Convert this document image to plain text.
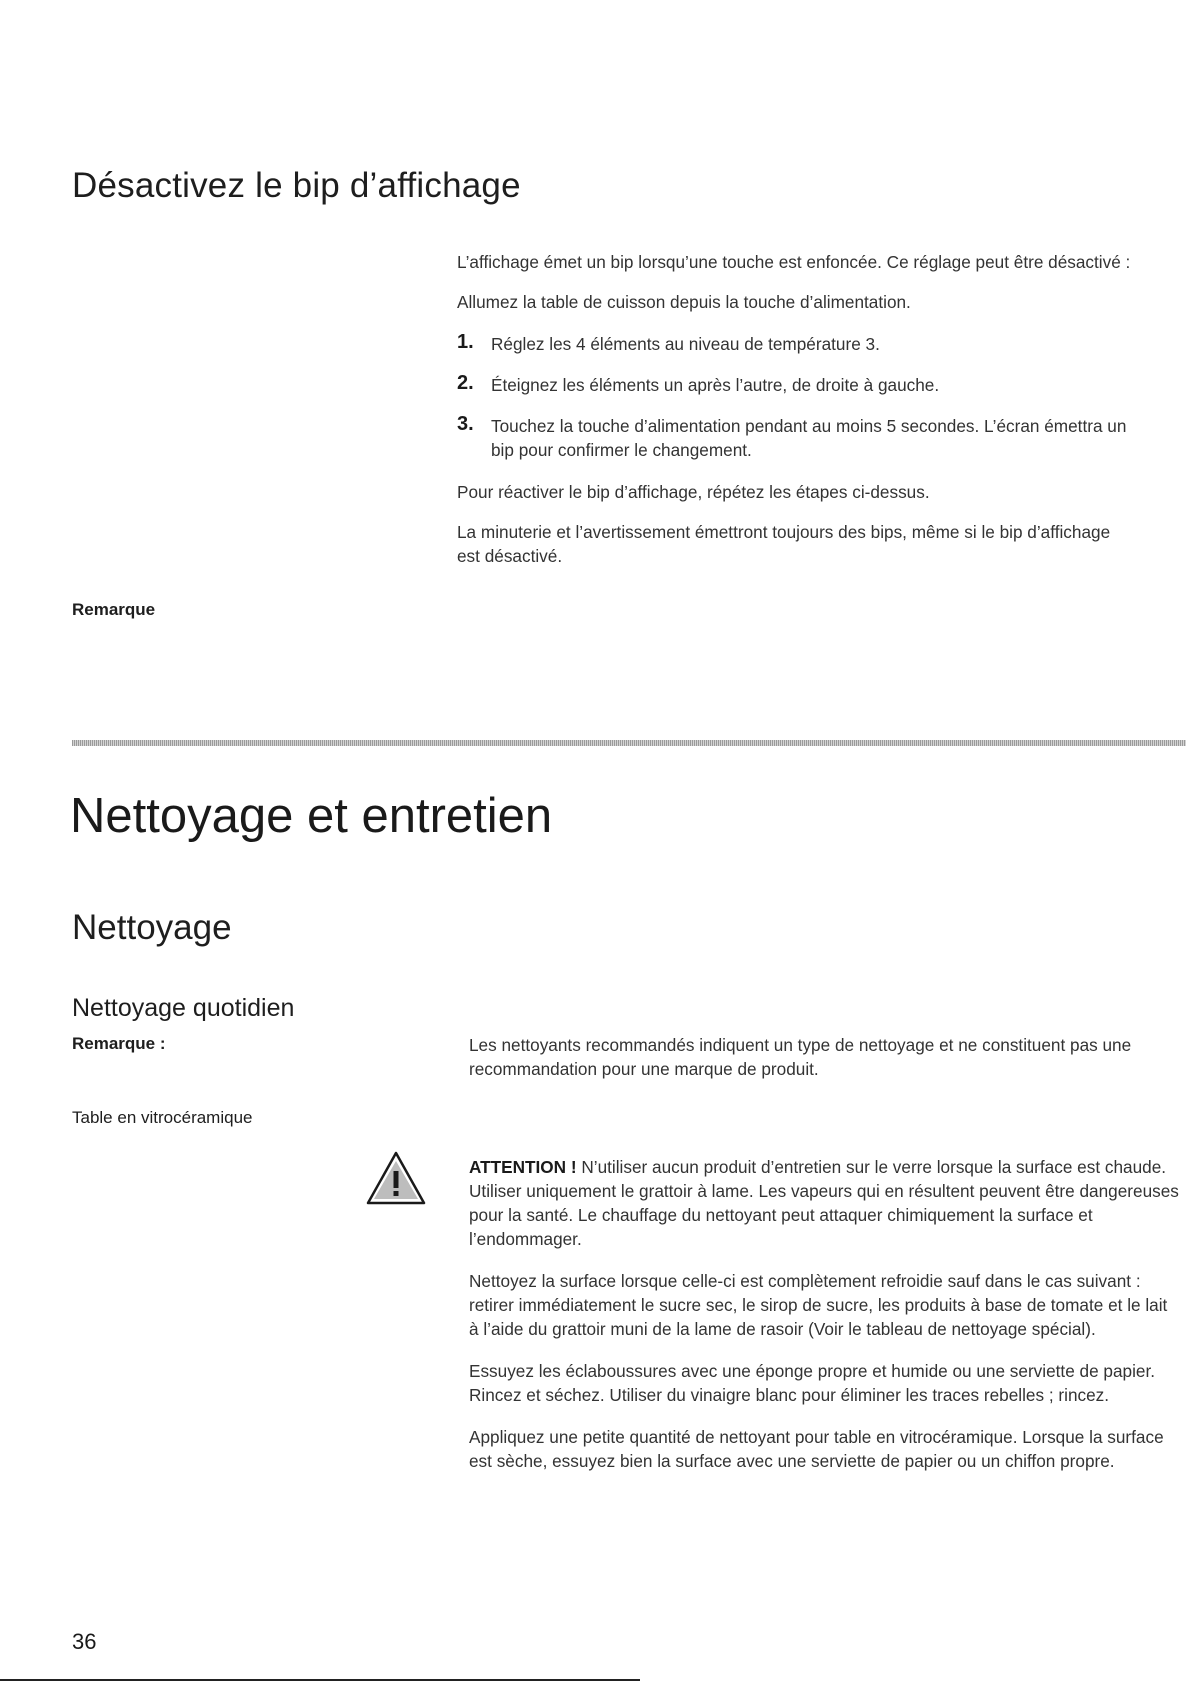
Désactivez le bip d’affichage

L’affichage émet un bip lorsqu’une touche est enfoncée. Ce réglage peut être désactivé :

Allumez la table de cuisson depuis la touche d’alimentation.

1. Réglez les 4 éléments au niveau de température 3.
2. Éteignez les éléments un après l’autre, de droite à gauche.
3. Touchez la touche d’alimentation pendant au moins 5 secondes. L’écran émettra un bip pour confirmer le changement.

Pour réactiver le bip d’affichage, répétez les étapes ci-dessus.

La minuterie et l’avertissement émettront toujours des bips, même si le bip d’affichage est désactivé.

Remarque
Nettoyage et entretien
Nettoyage
Nettoyage quotidien
Remarque :	Les nettoyants recommandés indiquent un type de nettoyage et ne constituent pas une recommandation pour une marque de produit.
Table en vitrocéramique

ATTENTION ! N’utiliser aucun produit d’entretien sur le verre lorsque la surface est chaude. Utiliser uniquement le grattoir à lame. Les vapeurs qui en résultent peuvent être dangereuses pour la santé. Le chauffage du nettoyant peut attaquer chimiquement la surface et l’endommager.

Nettoyez la surface lorsque celle-ci est complètement refroidie sauf dans le cas suivant : retirer immédiatement le sucre sec, le sirop de sucre, les produits à base de tomate et le lait à l’aide du grattoir muni de la lame de rasoir (Voir le tableau de nettoyage spécial).

Essuyez les éclaboussures avec une éponge propre et humide ou une serviette de papier. Rincez et séchez. Utiliser du vinaigre blanc pour éliminer les traces rebelles ; rincez.

Appliquez une petite quantité de nettoyant pour table en vitrocéramique. Lorsque la surface est sèche, essuyez bien la surface avec une serviette de papier ou un chiffon propre.

36
